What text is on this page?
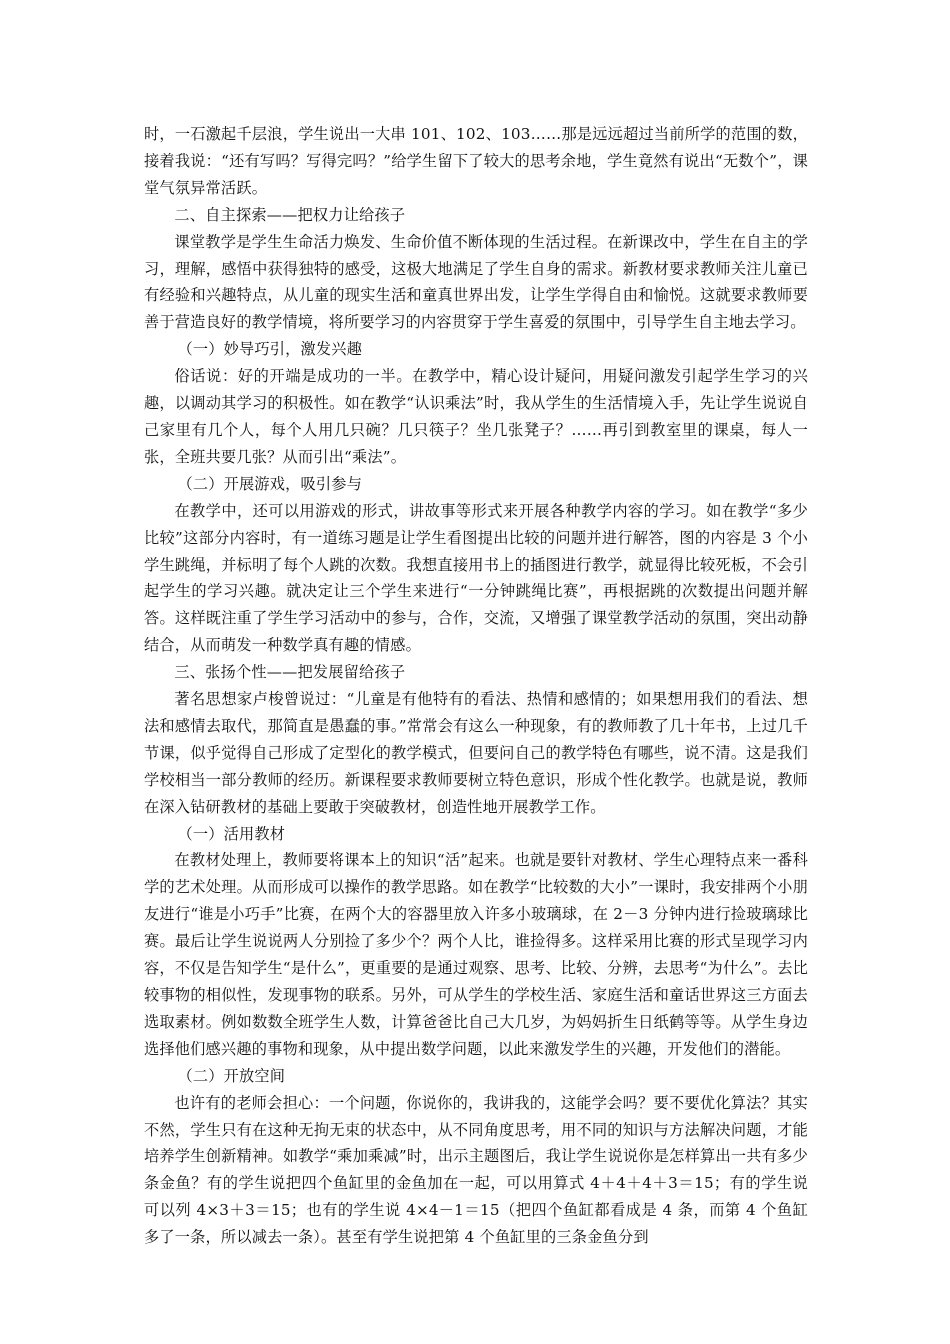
时，一石激起千层浪，学生说出一大串 101、102、103……那是远远超过当前所学的范围的数，接着我说：“还有写吗？写得完吗？”给学生留下了较大的思考余地，学生竟然有说出“无数个”，课堂气氛异常活跃。

二、自主探索——把权力让给孩子

课堂教学是学生生命活力焕发、生命价值不断体现的生活过程。在新课改中，学生在自主的学习，理解，感悟中获得独特的感受，这极大地满足了学生自身的需求。新教材要求教师关注儿童已有经验和兴趣特点，从儿童的现实生活和童真世界出发，让学生学得自由和愉悦。这就要求教师要善于营造良好的教学情境，将所要学习的内容贯穿于学生喜爱的氛围中，引导学生自主地去学习。

（一）妙导巧引，激发兴趣

俗话说：好的开端是成功的一半。在教学中，精心设计疑问，用疑问激发引起学生学习的兴趣，以调动其学习的积极性。如在教学“认识乘法”时，我从学生的生活情境入手，先让学生说说自己家里有几个人，每个人用几只碗？几只筷子？坐几张凳子？……再引到教室里的课桌，每人一张，全班共要几张？从而引出“乘法”。

（二）开展游戏，吸引参与

在教学中，还可以用游戏的形式，讲故事等形式来开展各种教学内容的学习。如在教学“多少比较”这部分内容时，有一道练习题是让学生看图提出比较的问题并进行解答，图的内容是 3 个小学生跳绳，并标明了每个人跳的次数。我想直接用书上的插图进行教学，就显得比较死板，不会引起学生的学习兴趣。就决定让三个学生来进行“一分钟跳绳比赛”，再根据跳的次数提出问题并解答。这样既注重了学生学习活动中的参与，合作，交流，又增强了课堂教学活动的氛围，突出动静结合，从而萌发一种数学真有趣的情感。

三、张扬个性——把发展留给孩子

著名思想家卢梭曾说过：“儿童是有他特有的看法、热情和感情的；如果想用我们的看法、想法和感情去取代，那简直是愚蠢的事。”常常会有这么一种现象，有的教师教了几十年书，上过几千节课，似乎觉得自己形成了定型化的教学模式，但要问自己的教学特色有哪些，说不清。这是我们学校相当一部分教师的经历。新课程要求教师要树立特色意识，形成个性化教学。也就是说，教师在深入钻研教材的基础上要敢于突破教材，创造性地开展教学工作。

（一）活用教材

在教材处理上，教师要将课本上的知识“活”起来。也就是要针对教材、学生心理特点来一番科学的艺术处理。从而形成可以操作的教学思路。如在教学“比较数的大小”一课时，我安排两个小朋友进行“谁是小巧手”比赛，在两个大的容器里放入许多小玻璃球，在 2－3 分钟内进行捡玻璃球比赛。最后让学生说说两人分别捡了多少个？两个人比，谁捡得多。这样采用比赛的形式呈现学习内容，不仅是告知学生“是什么”，更重要的是通过观察、思考、比较、分辨，去思考“为什么”。去比较事物的相似性，发现事物的联系。另外，可从学生的学校生活、家庭生活和童话世界这三方面去选取素材。例如数数全班学生人数，计算爸爸比自己大几岁，为妈妈折生日纸鹤等等。从学生身边选择他们感兴趣的事物和现象，从中提出数学问题，以此来激发学生的兴趣，开发他们的潜能。

（二）开放空间

也许有的老师会担心：一个问题，你说你的，我讲我的，这能学会吗？要不要优化算法？其实不然，学生只有在这种无拘无束的状态中，从不同角度思考，用不同的知识与方法解决问题，才能培养学生创新精神。如教学“乘加乘减”时，出示主题图后，我让学生说说你是怎样算出一共有多少条金鱼？有的学生说把四个鱼缸里的金鱼加在一起，可以用算式 4＋4＋4＋3＝15；有的学生说可以列 4×3＋3＝15；也有的学生说 4×4－1＝15（把四个鱼缸都看成是 4 条，而第 4 个鱼缸多了一条，所以减去一条）。甚至有学生说把第 4 个鱼缸里的三条金鱼分到
